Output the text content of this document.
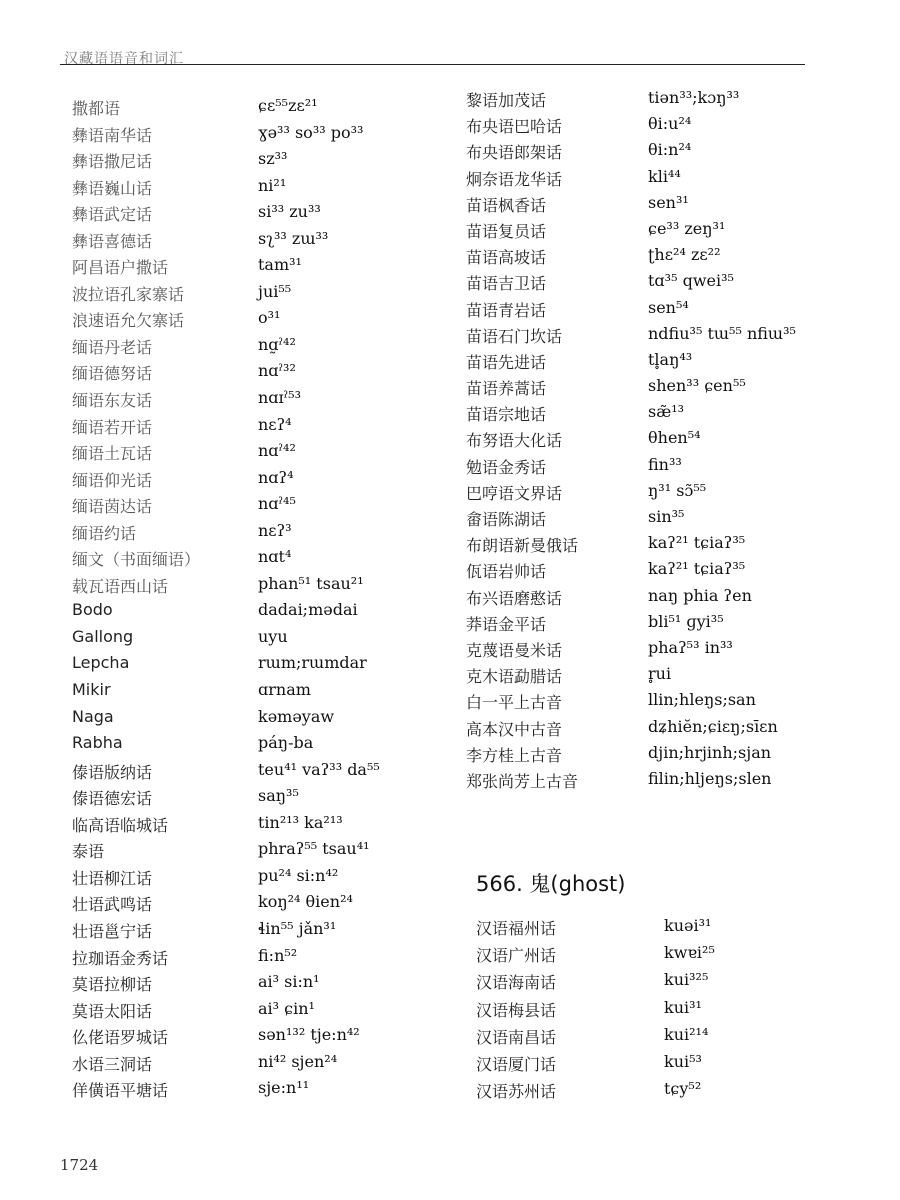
汉藏语语音和词汇
撒都语	ɕɛ⁵⁵zɛ²¹
彝语南华话	ɣə³³ so³³ po³³
彝语撒尼话	sz³³
彝语巍山话	ni²¹
彝语武定话	si³³ zu³³
彝语喜德话	sʅ³³ zɯ³³
阿昌语户撒话	tam³¹
波拉语孔家寨话	jui⁵⁵
浪速语允欠寨话	o³¹
缅语丹老话	nɑ̰ˀ⁴²
缅语德努话	nɑˀ³²
缅语东友话	nɑɪˀ⁵³
缅语若开话	nɛʔ⁴
缅语土瓦话	nɑˀ⁴²
缅语仰光话	nɑʔ⁴
缅语茵达话	nɑˀ⁴⁵
缅语约话	nɛʔ³
缅文（书面缅语）	nɑt⁴
载瓦语西山话	phan⁵¹ tsau²¹
Bodo	dadai;mədai
Gallong	uyu
Lepcha	rɯm;rɯmdar
Mikir	ɑrnam
Naga	kəməyaw
Rabha	páŋ-ba
傣语版纳话	teu⁴¹ vaʔ³³ da⁵⁵
傣语德宏话	saŋ³⁵
临高语临城话	tin²¹³ ka²¹³
泰语	phraʔ⁵⁵ tsau⁴¹
壮语柳江话	pu²⁴ si:n⁴²
壮语武鸣话	koŋ²⁴ θien²⁴
壮语邕宁话	ɬin⁵⁵ jǎn³¹
拉珈语金秀话	fi:n⁵²
莫语拉柳话	ai³ si:n¹
莫语太阳话	ai³ ɕin¹
仫佬语罗城话	sən¹³² tje:n⁴²
水语三洞话	ni⁴² sjen²⁴
佯僙语平塘话	sje:n¹¹
黎语加茂话	tiən³³;kɔŋ³³
布央语巴哈话	θi:u²⁴
布央语郎架话	θi:n²⁴
炯奈语龙华话	kli⁴⁴
苗语枫香话	sen³¹
苗语复员话	ɕe³³ zeŋ³¹
苗语高坡话	ʈhɛ²⁴ zɛ²²
苗语吉卫话	tɑ³⁵ qwei³⁵
苗语青岩话	sen⁵⁴
苗语石门坎话	ndfiu³⁵ tɯ⁵⁵ nfiɯ³⁵
苗语先进话	tl̥aŋ⁴³
苗语养蒿话	shen³³ ɕen⁵⁵
苗语宗地话	sæ̃¹³
布努语大化话	θhen⁵⁴
勉语金秀话	fin³³
巴哼语文界话	ŋ³¹ sɔ̃⁵⁵
畲语陈湖话	sin³⁵
布朗语新曼俄话	kaʔ²¹ tɕiaʔ³⁵
佤语岩帅话	kaʔ²¹ tɕiaʔ³⁵
布兴语磨憨话	naŋ phia ʔen
莽语金平话	bli⁵¹ ɡyi³⁵
克蔑语曼米话	phaʔ⁵³ in³³
克木语勐腊话	r̥ui
白一平上古音	llin;hleŋs;san
高本汉中古音	dʑhiĕn;ɕiɛŋ;sīɛn
李方桂上古音	djin;hrjinh;sjan
郑张尚芳上古音	filin;hljeŋs;slen
566. 鬼(ghost)
汉语福州话	kuəi³¹
汉语广州话	kwɐi²⁵
汉语海南话	kui³²⁵
汉语梅县话	kui³¹
汉语南昌话	kui²¹⁴
汉语厦门话	kui⁵³
汉语苏州话	tɕy⁵²
1724
